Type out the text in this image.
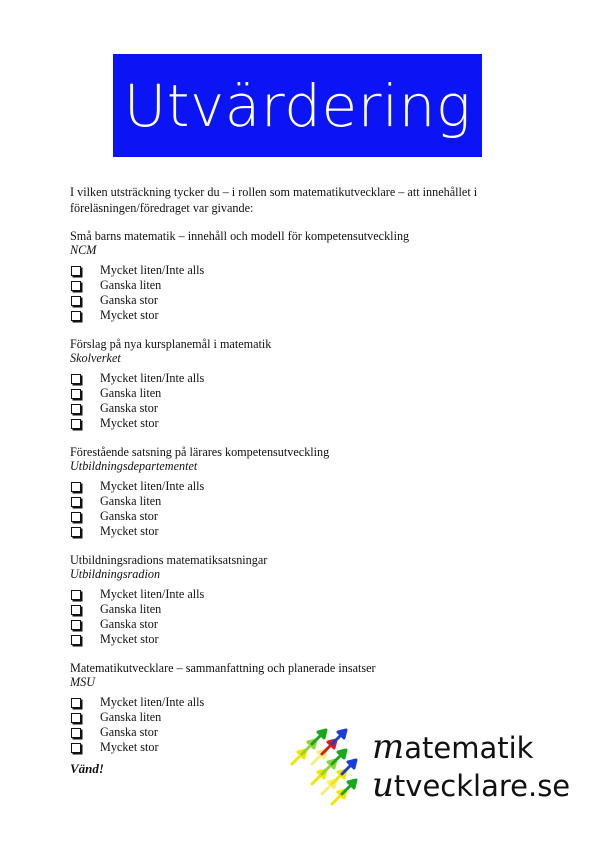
Utvärdering
I vilken utsträckning tycker du – i rollen som matematikutvecklare – att innehållet i föreläsningen/föredraget var givande:
Små barns matematik – innehåll och modell för kompetensutveckling
NCM
Mycket liten/Inte alls
Ganska liten
Ganska stor
Mycket stor
Förslag på nya kursplanemål i matematik
Skolverket
Mycket liten/Inte alls
Ganska liten
Ganska stor
Mycket stor
Förestående satsning på lärares kompetensutveckling
Utbildningsdepartementet
Mycket liten/Inte alls
Ganska liten
Ganska stor
Mycket stor
Utbildningsradions matematiksatsningar
Utbildningsradion
Mycket liten/Inte alls
Ganska liten
Ganska stor
Mycket stor
Matematikutvecklare – sammanfattning och planerade insatser
MSU
Mycket liten/Inte alls
Ganska liten
Ganska stor
Mycket stor
Vänd!
matematik
utvecklare.se
